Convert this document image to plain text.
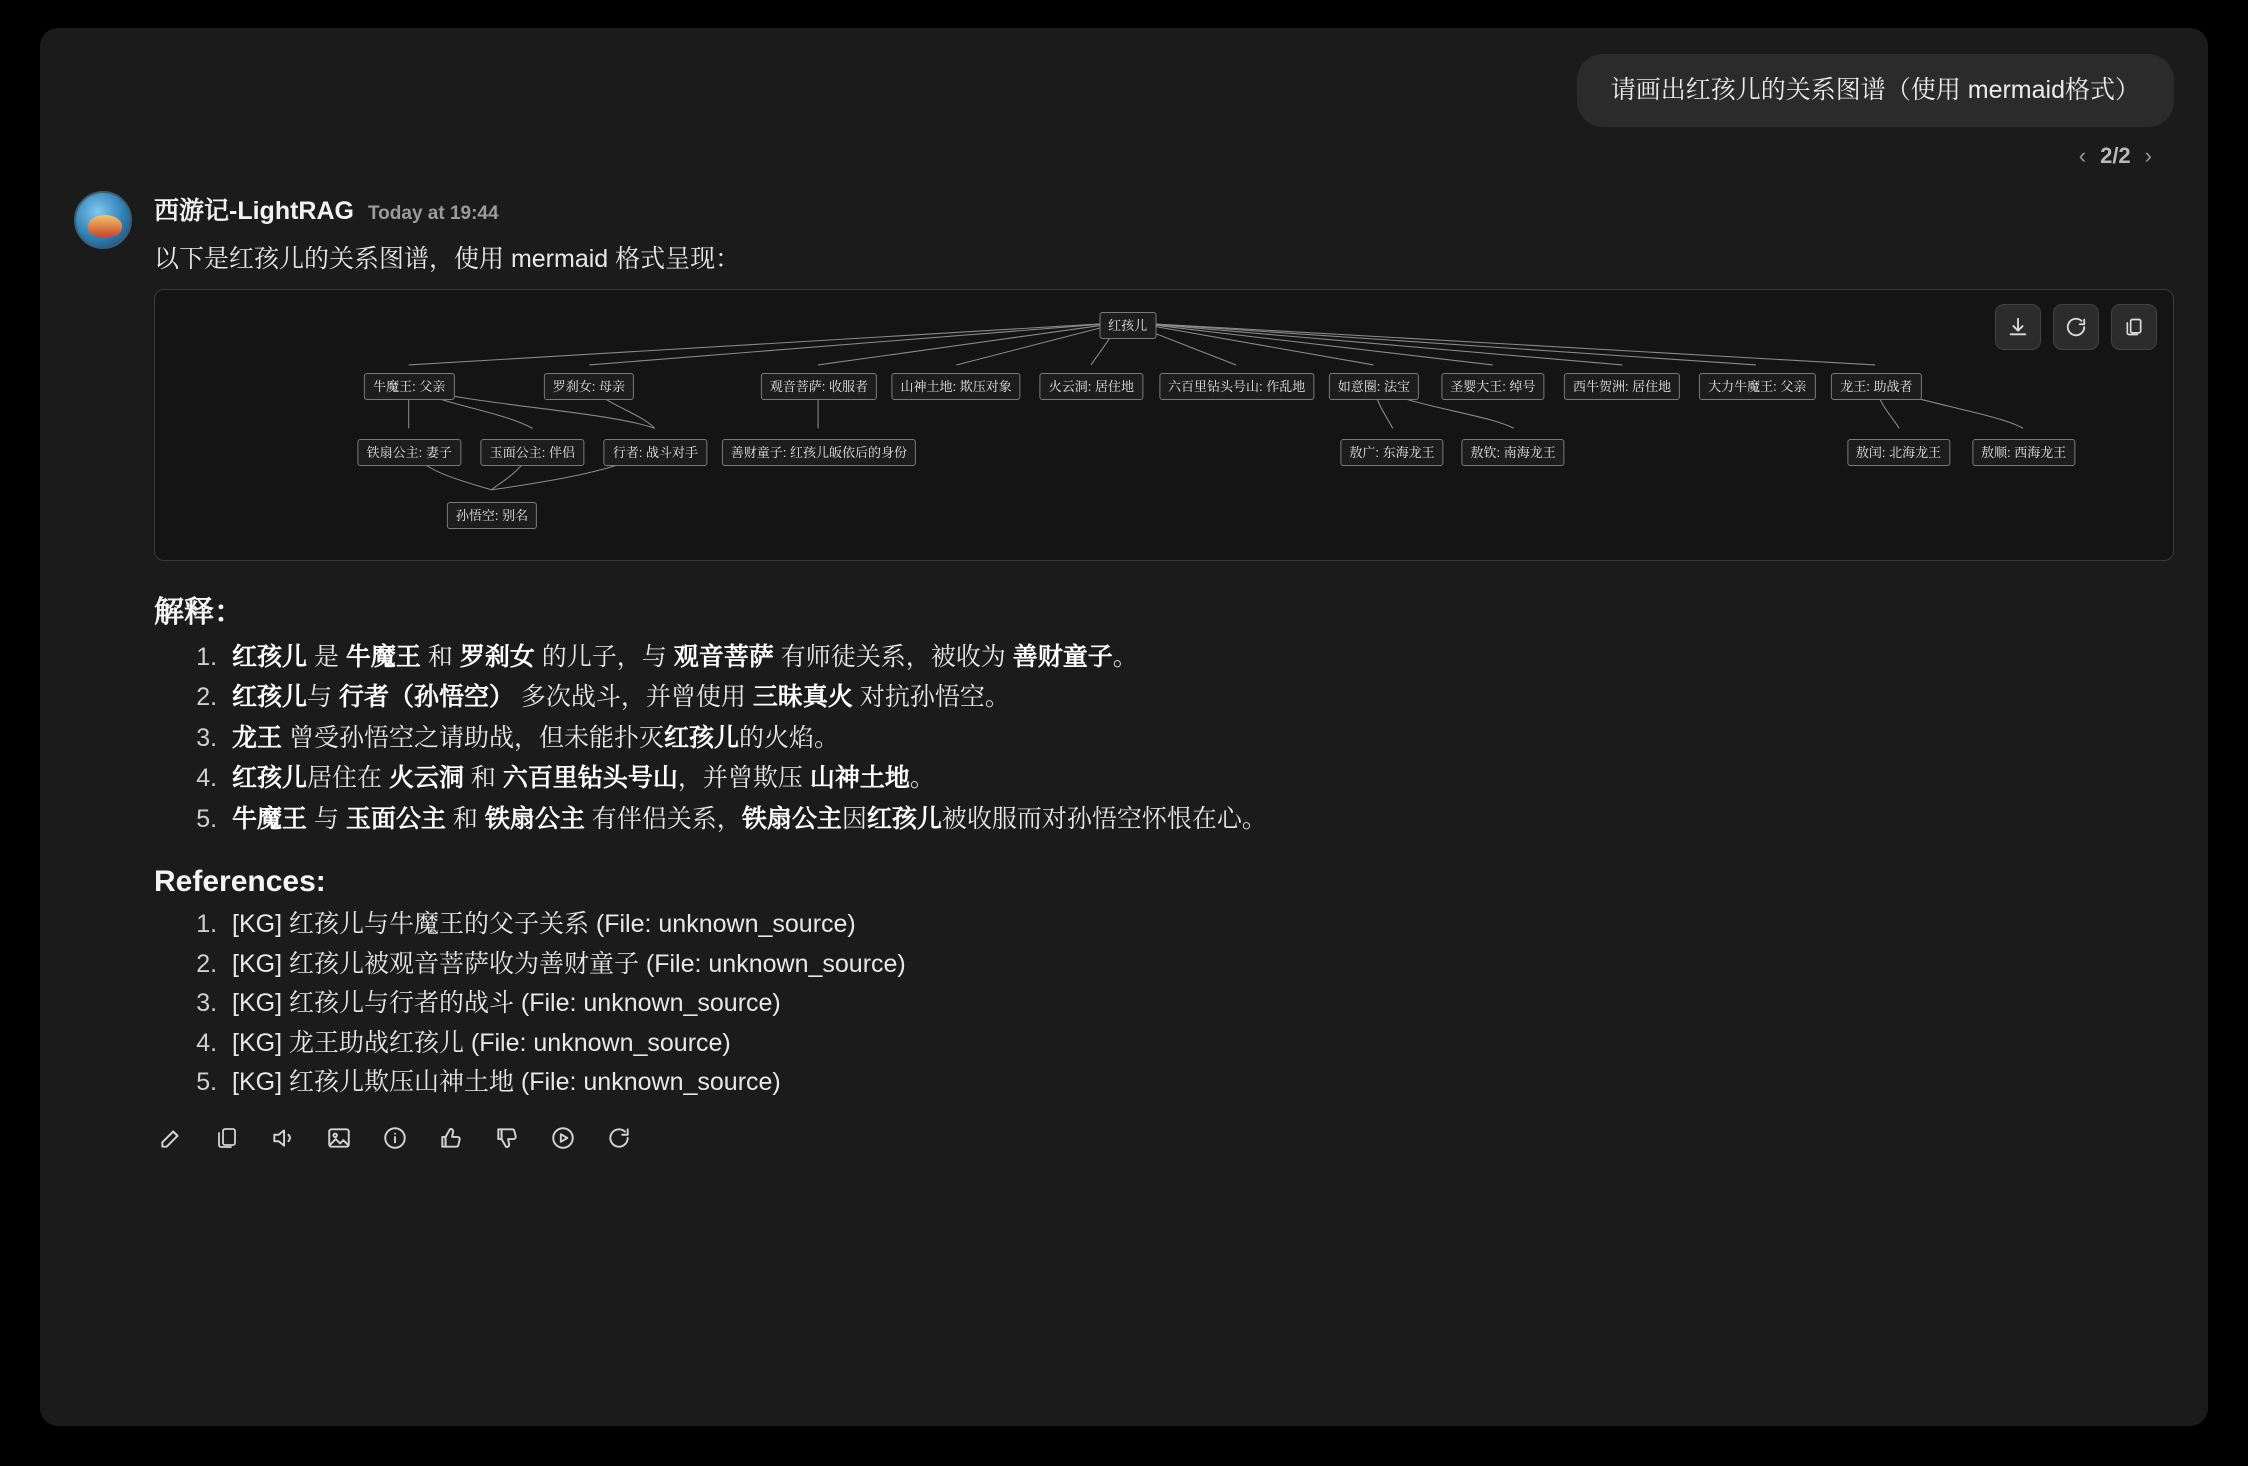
请画出红孩儿的关系图谱（使用 mermaid格式）
‹ 2/2 ›
西游记-LightRAG Today at 19:44
以下是红孩儿的关系图谱，使用 mermaid 格式呈现：
红孩儿
牛魔王: 父亲	罗刹女: 母亲	观音菩萨: 收服者	山神土地: 欺压对象	火云洞: 居住地	六百里钻头号山: 作乱地	如意圈: 法宝	圣婴大王: 绰号	西牛贺洲: 居住地	大力牛魔王: 父亲	龙王: 助战者
铁扇公主: 妻子	玉面公主: 伴侣	行者: 战斗对手	善财童子: 红孩儿皈依后的身份	敖广: 东海龙王	敖钦: 南海龙王	敖闰: 北海龙王	敖顺: 西海龙王
孙悟空: 别名
解释：
1. 红孩儿 是 牛魔王 和 罗刹女 的儿子，与 观音菩萨 有师徒关系，被收为 善财童子。
2. 红孩儿与 行者（孙悟空） 多次战斗，并曾使用 三昧真火 对抗孙悟空。
3. 龙王 曾受孙悟空之请助战，但未能扑灭红孩儿的火焰。
4. 红孩儿居住在 火云洞 和 六百里钻头号山，并曾欺压 山神土地。
5. 牛魔王 与 玉面公主 和 铁扇公主 有伴侣关系，铁扇公主因红孩儿被收服而对孙悟空怀恨在心。
References:
1. [KG] 红孩儿与牛魔王的父子关系 (File: unknown_source)
2. [KG] 红孩儿被观音菩萨收为善财童子 (File: unknown_source)
3. [KG] 红孩儿与行者的战斗 (File: unknown_source)
4. [KG] 龙王助战红孩儿 (File: unknown_source)
5. [KG] 红孩儿欺压山神土地 (File: unknown_source)
